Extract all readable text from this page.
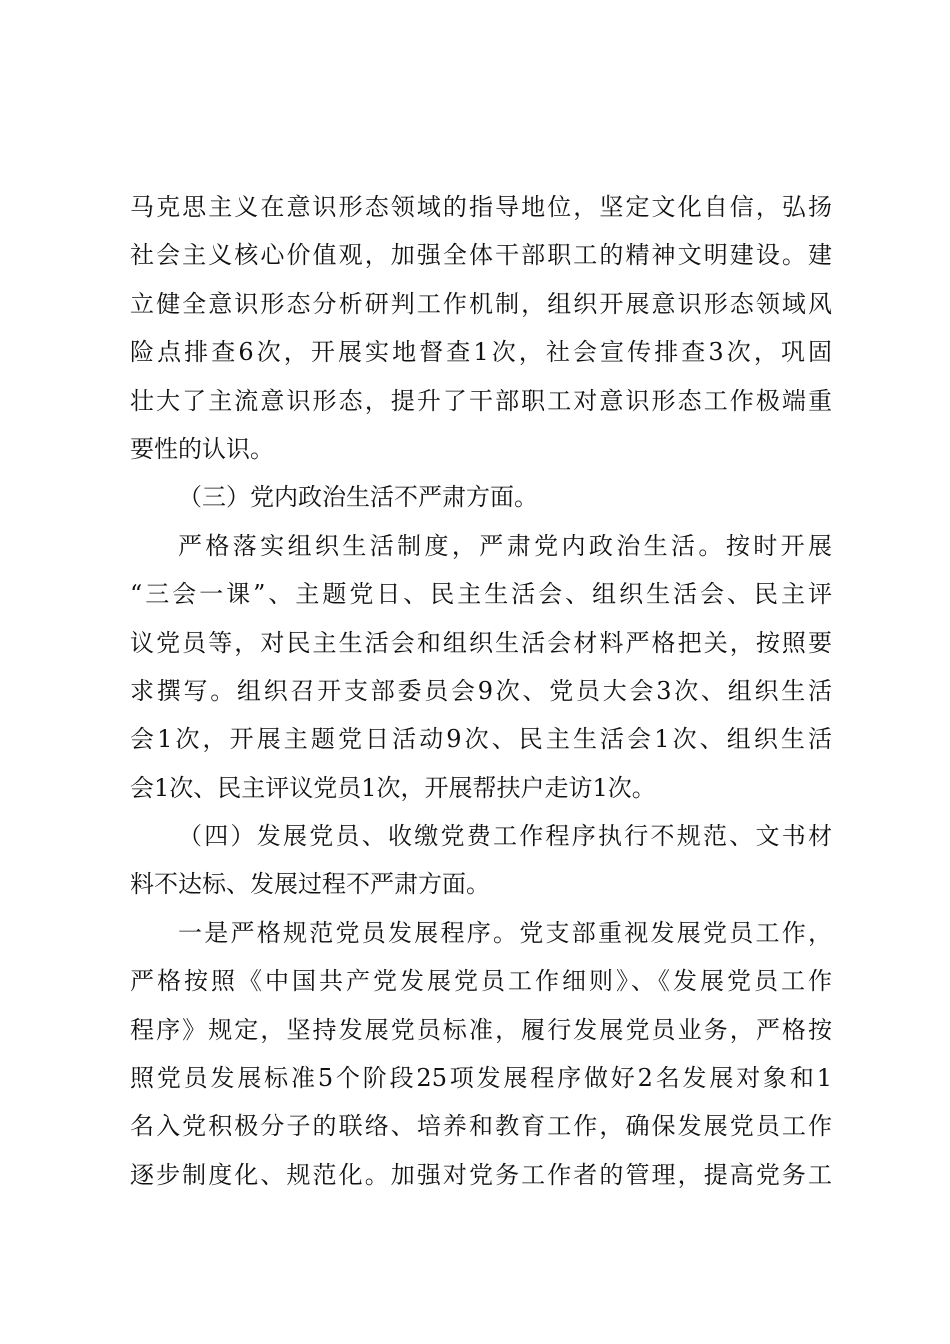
马克思主义在意识形态领域的指导地位，坚定文化自信，弘扬
社会主义核心价值观，加强全体干部职工的精神文明建设。建
立健全意识形态分析研判工作机制，组织开展意识形态领域风
险点排查6次，开展实地督查1次，社会宣传排查3次，巩固
壮大了主流意识形态，提升了干部职工对意识形态工作极端重
要性的认识。
（三）党内政治生活不严肃方面。
严格落实组织生活制度，严肃党内政治生活。按时开展
“三会一课”、主题党日、民主生活会、组织生活会、民主评
议党员等，对民主生活会和组织生活会材料严格把关，按照要
求撰写。组织召开支部委员会9次、党员大会3次、组织生活
会1次，开展主题党日活动9次、民主生活会1次、组织生活
会1次、民主评议党员1次，开展帮扶户走访1次。
（四）发展党员、收缴党费工作程序执行不规范、文书材
料不达标、发展过程不严肃方面。
一是严格规范党员发展程序。党支部重视发展党员工作，
严格按照《中国共产党发展党员工作细则》、《发展党员工作
程序》规定，坚持发展党员标准，履行发展党员业务，严格按
照党员发展标准5个阶段25项发展程序做好2名发展对象和1
名入党积极分子的联络、培养和教育工作，确保发展党员工作
逐步制度化、规范化。加强对党务工作者的管理，提高党务工
